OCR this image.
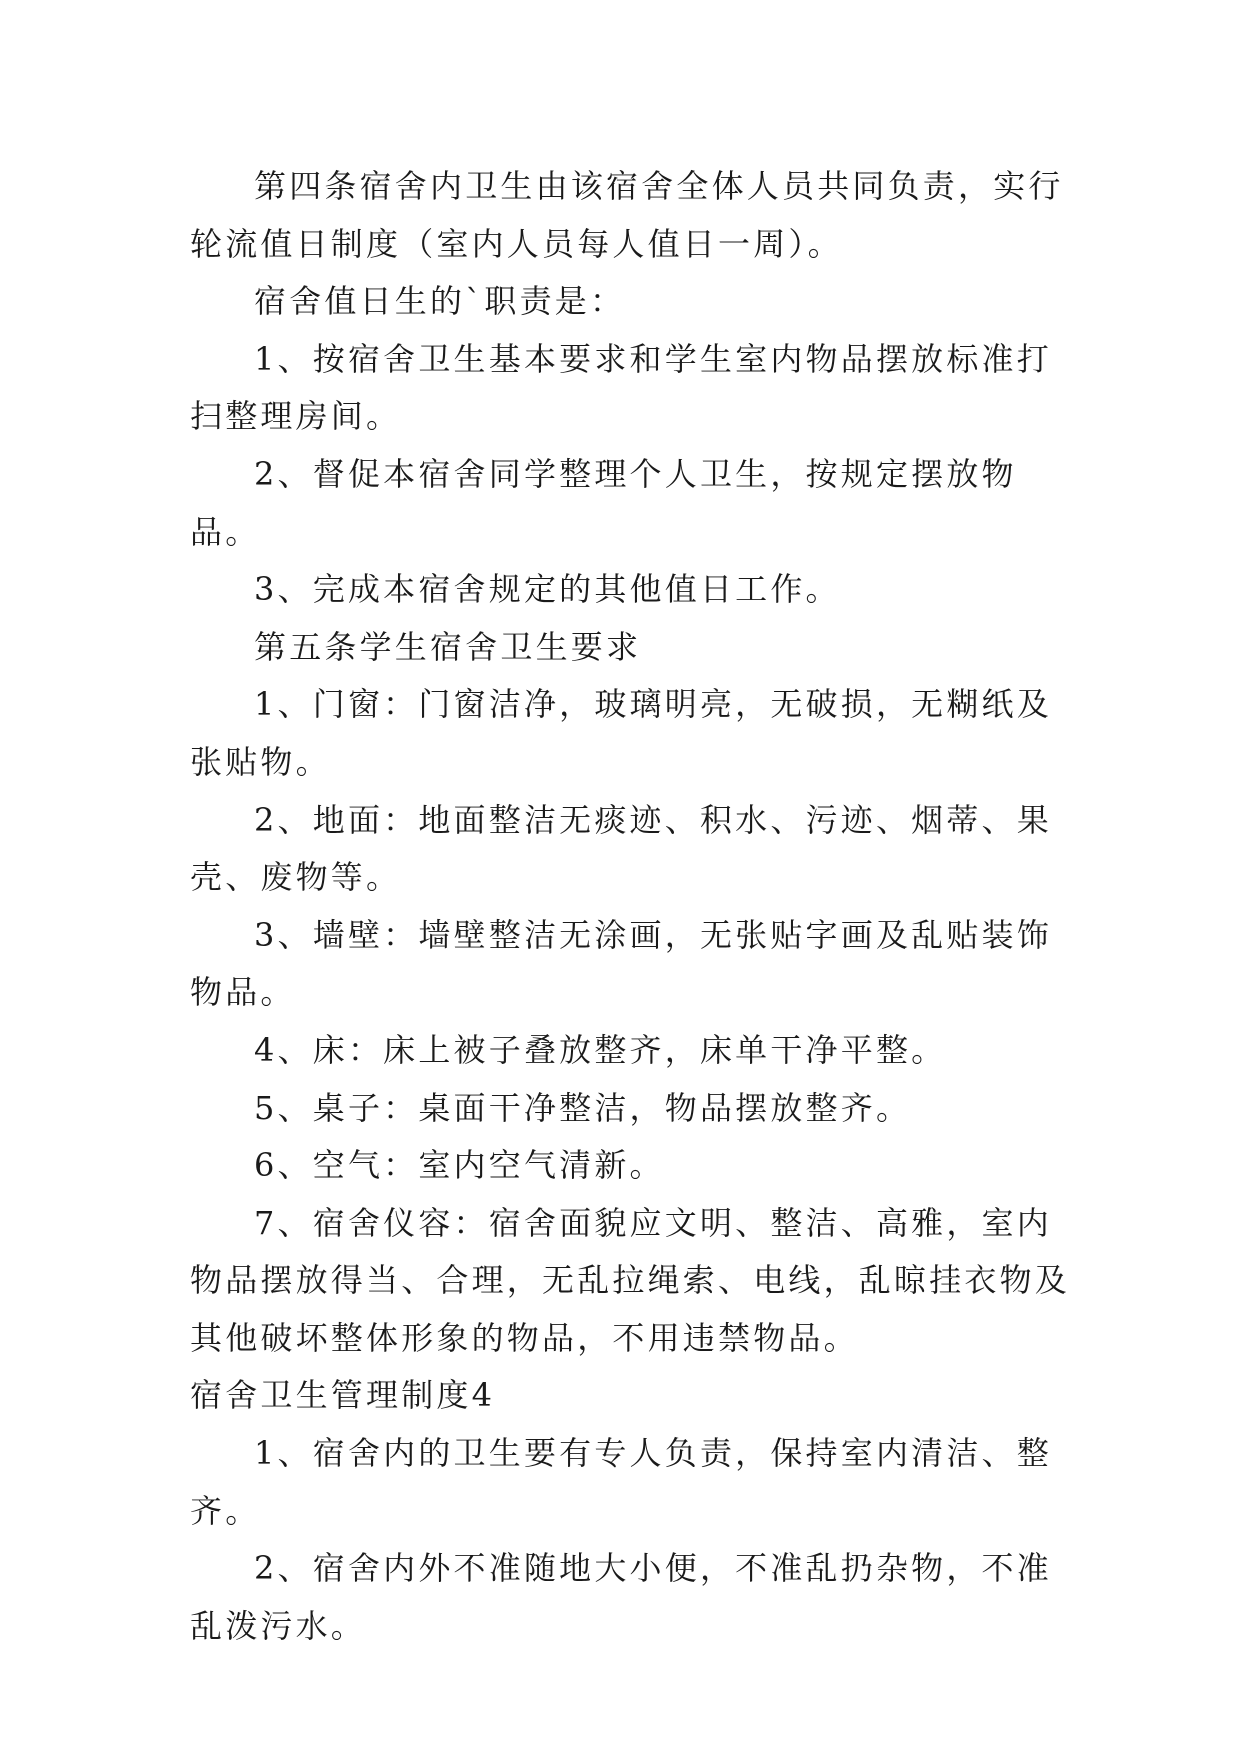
第四条宿舍内卫生由该宿舍全体人员共同负责，实行轮流值日制度（室内人员每人值日一周）。

宿舍值日生的`职责是：

1、按宿舍卫生基本要求和学生室内物品摆放标准打扫整理房间。

2、督促本宿舍同学整理个人卫生，按规定摆放物品。

3、完成本宿舍规定的其他值日工作。

第五条学生宿舍卫生要求

1、门窗：门窗洁净，玻璃明亮，无破损，无糊纸及张贴物。

2、地面：地面整洁无痰迹、积水、污迹、烟蒂、果壳、废物等。

3、墙壁：墙壁整洁无涂画，无张贴字画及乱贴装饰物品。

4、床：床上被子叠放整齐，床单干净平整。

5、桌子：桌面干净整洁，物品摆放整齐。

6、空气：室内空气清新。

7、宿舍仪容：宿舍面貌应文明、整洁、高雅，室内物品摆放得当、合理，无乱拉绳索、电线，乱晾挂衣物及其他破坏整体形象的物品，不用违禁物品。

宿舍卫生管理制度4

1、宿舍内的卫生要有专人负责，保持室内清洁、整齐。

2、宿舍内外不准随地大小便，不准乱扔杂物，不准乱泼污水。
